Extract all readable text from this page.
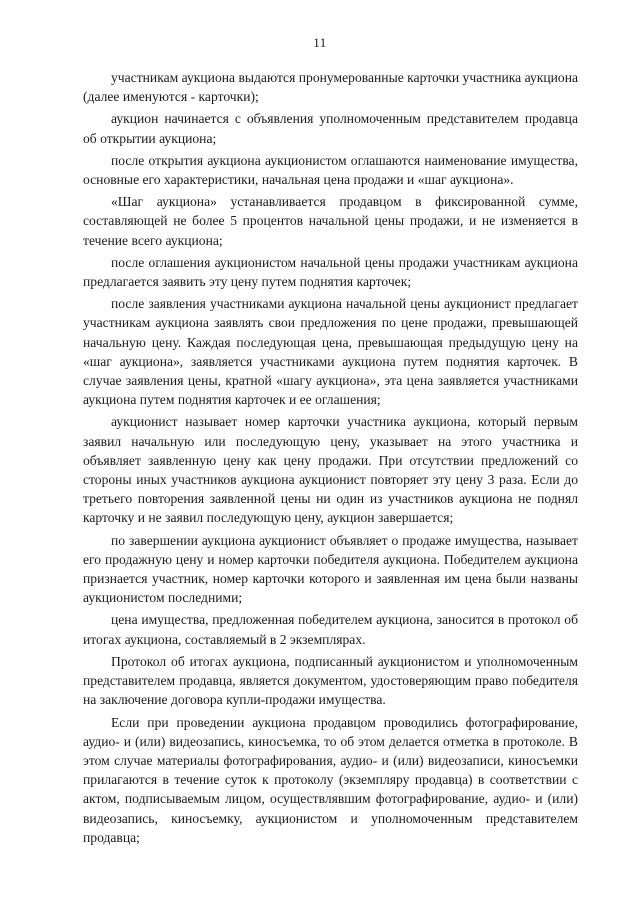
11

участникам аукциона выдаются пронумерованные карточки участника аукциона (далее именуются - карточки);

аукцион начинается с объявления уполномоченным представителем продавца об открытии аукциона;

после открытия аукциона аукционистом оглашаются наименование имущества, основные его характеристики, начальная цена продажи и «шаг аукциона».

«Шаг аукциона» устанавливается продавцом в фиксированной сумме, составляющей не более 5 процентов начальной цены продажи, и не изменяется в течение всего аукциона;

после оглашения аукционистом начальной цены продажи участникам аукциона предлагается заявить эту цену путем поднятия карточек;

после заявления участниками аукциона начальной цены аукционист предлагает участникам аукциона заявлять свои предложения по цене продажи, превышающей начальную цену. Каждая последующая цена, превышающая предыдущую цену на «шаг аукциона», заявляется участниками аукциона путем поднятия карточек. В случае заявления цены, кратной «шагу аукциона», эта цена заявляется участниками аукциона путем поднятия карточек и ее оглашения;

аукционист называет номер карточки участника аукциона, который первым заявил начальную или последующую цену, указывает на этого участника и объявляет заявленную цену как цену продажи. При отсутствии предложений со стороны иных участников аукциона аукционист повторяет эту цену 3 раза. Если до третьего повторения заявленной цены ни один из участников аукциона не поднял карточку и не заявил последующую цену, аукцион завершается;

по завершении аукциона аукционист объявляет о продаже имущества, называет его продажную цену и номер карточки победителя аукциона. Победителем аукциона признается участник, номер карточки которого и заявленная им цена были названы аукционистом последними;

цена имущества, предложенная победителем аукциона, заносится в протокол об итогах аукциона, составляемый в 2 экземплярах.

Протокол об итогах аукциона, подписанный аукционистом и уполномоченным представителем продавца, является документом, удостоверяющим право победителя на заключение договора купли-продажи имущества.

Если при проведении аукциона продавцом проводились фотографирование, аудио- и (или) видеозапись, киносъемка, то об этом делается отметка в протоколе. В этом случае материалы фотографирования, аудио- и (или) видеозаписи, киносъемки прилагаются в течение суток к протоколу (экземпляру продавца) в соответствии с актом, подписываемым лицом, осуществлявшим фотографирование, аудио- и (или) видеозапись, киносъемку, аукционистом и уполномоченным представителем продавца;
